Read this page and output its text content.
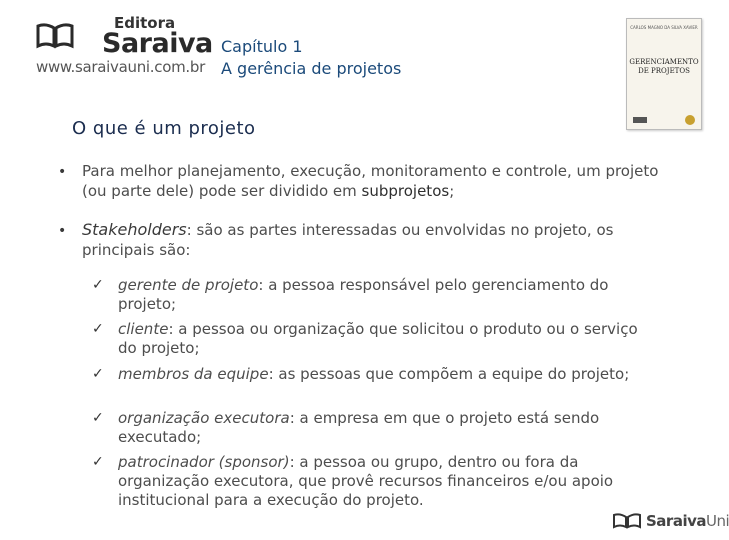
Editora
Saraiva
www.saraivauni.com.br
Capítulo 1
A gerência de projetos
CARLOS MAGNO DA SILVA XAVIER
GERENCIAMENTO
DE PROJETOS
O que é um projeto
• Para melhor planejamento, execução, monitoramento e controle, um projeto (ou parte dele) pode ser dividido em subprojetos;
• Stakeholders: são as partes interessadas ou envolvidas no projeto, os principais são:
✓ gerente de projeto: a pessoa responsável pelo gerenciamento do projeto;
✓ cliente: a pessoa ou organização que solicitou o produto ou o serviço do projeto;
✓ membros da equipe: as pessoas que compõem a equipe do projeto;
✓ organização executora: a empresa em que o projeto está sendo executado;
✓ patrocinador (sponsor): a pessoa ou grupo, dentro ou fora da organização executora, que provê recursos financeiros e/ou apoio institucional para a execução do projeto.
SaraivaUni
